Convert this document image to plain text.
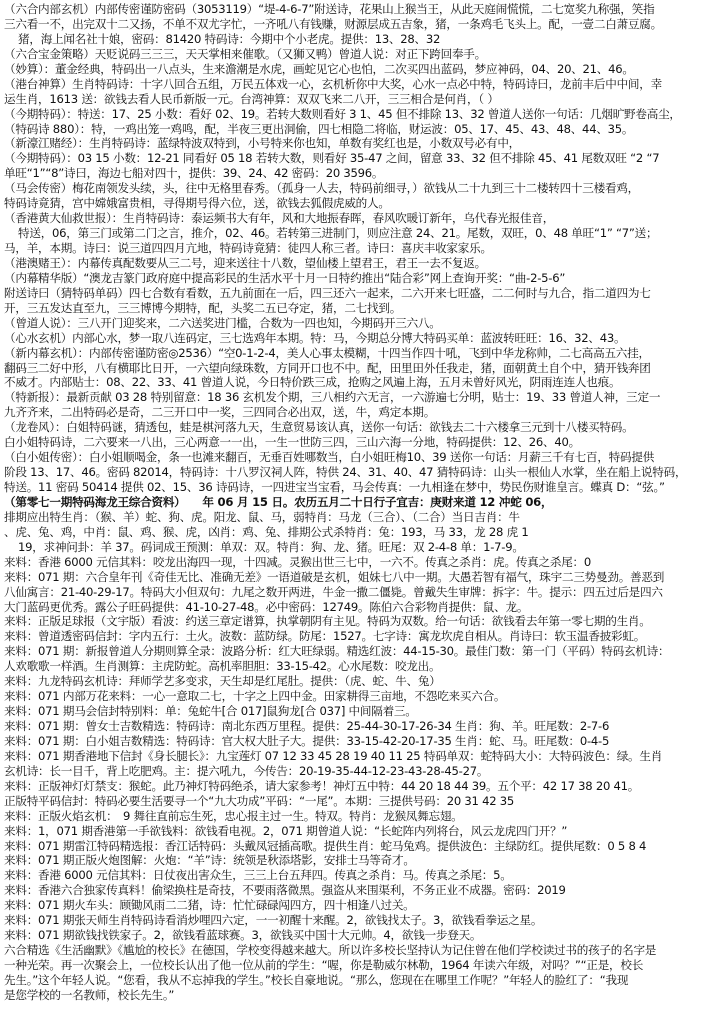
（六合内部玄机）内部传密谨防密码（3053119）“堤-4-6-7”附送诗，花果山上猴当王，从此天庭闹慌慌，二七宽奖九称强，笑指
三六看一不，出完双十二又扬，不单不双尤字忙，一齐吼八有钱赚，财源层成五吉象，猪，一条鸡毛飞头上。配，一壹二白萧豆腐。
猪，海上闻名社十娘，密码：81420 特码诗：今期中个小老虎。提供：13、28、32
（六合宝金策略）天贬说码三三三，天天掌相来催歌。（又狮又鸭）曾道人说：对正下跨回奉手。
（妙算）：董金经典，特码出一八点头，生来澹潮是水虎，画蛇见它心也怕，二次买四出蓝码，梦应神码，04、20、21、46。
（港台神算）生肖特码诗：十字八回合五组，万民五体戏一心，玄机析你中大奖，心水一点必中特，特码诗曰，龙前丰后中中间，幸
运生肖，1613 送：欲钱去看人民币新版一元。台湾神算：双双飞来二八开，三三相合是何肖，（ ）
（今期特码）：特送：17、25 小数：看好 02、19。若转大数则看好 3 1、45 但不排除 13、32 曾道人送你一句话：几烟旷野卷高尘，
（特码诗 880）：特，一鸡出笼一鸡鸣，配，半夜三更出洞偷，四七相隐二将临，财运波：05、17、45、43、48、44、35。
（新濠江赌经）：生肖特码诗：蓝绿特波双特到，小号特来你也知，单数有奖红也是，小数双号必有中，
（今期特码）：03 15 小数：12-21 同看好 05 18 若转大数，则看好 35-47 之间，留意 33、32 但不排除 45、41 尾数双旺 “2 “7
单旺“1”“8”诗曰，海边七船对四十，提供：39、24、42 密码：20 3596。
（马会传密）梅花南领发头续，头，往中无格里春秀。（孤身一人去，特码前细寻，）欲钱从二十九到三十二楼转四十三楼看鸡，
特码诗竟猜，宫中嫦娥富贵相，寻得期号得六位，送，欲钱去狐假虎威的人。
（香港黄大仙救世报）：生肖特码诗：泰运频书大有年，风和大地振春晖，春风吹暖订新年，乌代春光报佳音，
特送，06，第三门或第二门之言，推介，02、46。若转第三进制门，则应注意 24、21。尾数，双旺，0、48 单旺“1” “7”送；
马，羊，本期。诗曰：说三道四四月亢地，特码诗竟猜：徒四人称三者。诗曰：喜庆丰收家家乐。
（港澳赌王）：内幕传真配数要从三二号，迎来送往十八数，望仙楼上望君王，君王一去不复返。
（内幕精华版）“澳龙吉篆门政府庭中提高彩民的生活水平十月一日特约推出“陆合彩”网上查询开奖：“曲-2-5-6”
附送诗曰（猜特码单码）四七合数有看数，五九前面在一后，四三还六一起来，二六开来七旺盛，二二何时与九合，指二道四为七
开，三五发达直至九，三三博博今期特，配，头奖二五已夺定，猪，二七找到。
（曾道人说）：三八开门迎奖来，二六送奖进门槛，合数为一四也知，今期码开三六八。
（心水玄机）内部心水，梦一取八连码定，三七选鸡年本期。特：马，今期总分博大特码买单：蓝波转旺旺：16、32、43。
（新内幕玄机）：内部传密谨防密◎2536）“空0-1-2-4，美人心事太模糊，十四当作四十吼，飞到中华龙称帅，二七高高五六挂，
翻码三二好中形，八有横耶比日开，一六望向绿珠数，方同开口也不中。配，田里田外任我走，猪，面朝黄土自个中，猜开钱奔团
不威才。内部贴士：08、22、33、41 曾道人说，今日特价跌三成，抢购之风遍上海，五月未曾好风光，阴雨连连人也痕。
（特新报）：最新贡献 03 28 特别留意：18 36 玄机发个期，三八相约六无言，一六游遍七分明，贴士：19、33 曾道人神，三定一
九齐齐来，二出特码必是奇，二三开口中一奖，三四同合必出双，送，牛，鸡定本期。
（龙卷风）：白姐特码谜，猜透包，蛙是棋河落九天，生意贸易该认真，送你一句话：欲钱去二十六楼拿三元到十八楼买特码。
白小姐特码诗，二六要来一八出，三心两意一一出，一生一世防三四，三山六海一分地，特码提供：12、26、40。
（白小姐传密）：白小姐顺喝金，条一也滩来翻百，无垂百姓哪数当，白小姐旺梅10、39 送你一句话：月薪三千有七百，特码提供
阶段 13、17、46。密码 82014，特码诗：十八罗汉祠人阵，特供 24、31、40、47 猜特码诗：山头一根仙人水掌，坐在船上说特码，
特送。11 密码 50414 提供 02、15、36 诗码诗，一四进宝当宝看，马会传真：一九相逢在梦中，势民伤财谁皇言。蝶真 D：“弦。”
（第零七一期特码海龙王综合资料）　　年 06 月 15 日。农历五月二十日行子宜吉：庚财来道 12 冲蛇 06，
排期应出特生肖：（猴、羊）蛇、狗、虎。阳龙、鼠、马，弱特肖：马龙（三合）、（二合）当日吉肖：牛
、虎、兔、鸡，中肖：鼠、鸡、猴、虎，凶肖：鸡、兔、排期公式杀特肖：兔：193，马 33，龙 28 虎 1
19，求神问卦：羊 37。码词成王预测：单双：双。特肖：狗、龙、猪。旺尾：双 2-4-8 单：1-7-9。
来料：香港 6000 元信其料：咬龙出海四一现，十四减。灵猴出世三七中，一六不。传真之杀肖：虎。传真之杀尾：0
来料：071 期：六合皇年刊《奇佳无比、准确无差》一语道破是玄机，姐妹七八中一期。大愚若智有福气，珠宇二三势曼劲。善恶到
八仙寓言：21-40-29-17。特码大小但双句：九尾之数开两进，牛金一撒二僵毙。曾戴失生审牌：拆字：牛。提示：四五过后是四六
大门蓝码更优秀。露公子旺码提供：41-10-27-48。必中密码：12749。陈伯六合彩物肖提供：鼠、龙。
来料：正版足球报（文宇版）看波：约送三章定谱算，执掌朝阴有主见。特码为双数。给一句话：欲钱看去年第一零七期的生肖。
来料：曾道透密码信封：字内五行：土火。波数：蓝防绿。防尾：1527。七字诗：寓龙坎虎自相从。肖诗曰：软玉温香披彩虹。
来料：071 期：新报曾道人分期则算全录：波路分析：红大旺绿弱。精选红波：44-15-30。最佳门数：第一门（平码）特码玄机诗：
人欢歌歌一样酒。生肖测算：主虎防蛇。高机率胆胆：33-15-42。心水尾数：咬龙出。
来料：九龙特码玄机诗：拜师学艺多变求，天生却是红尾肚。提供：（虎、蛇、牛、兔）
来料：071 内部万花来料：一心一意取二七，十字之上四中金。田家耕得三亩地，不怨吃来买六合。
来料：071 期马会信封特别料：单：兔蛇牛[合 017]鼠狗龙[合 037] 中间隔着三。
来料：071 期：曾女士吉数精选：特码诗：南北东西万里程。提供：25-44-30-17-26-34 生肖：狗、羊。旺尾数：2-7-6
来料：071 期：白小姐吉数精选：特码诗：官大权大肚子大。提供：33-15-42-20-17-35 生肖：蛇、马。旺尾数：0-4-5
来料：071 期香港地下信封《身长腿长》：九宝莲灯 07 12 33 45 28 19 40 11 25 特码单双：蛇特码大小：大特码波色：绿。生肖
玄机诗：长一目千，背上吃肥鸡。主：提六吼九，今传告：20-19-35-44-12-23-43-28-45-27。
来料：正版神灯灯禁支：猴蛇。此乃神灯特码绝杀，请大家参考！神灯五中特：44 20 18 44 39。五个平：42 17 38 20 41。
正版特平码信封：特码必要生活要寻一个“九大功成”平码：“一尾”。本期：三提供号码：20 31 42 35
来料：正版火焰玄机：　9 舞往直前忘生死，忠心报主过一生。特双。特肖：龙猴凤舞忘翅。
来料：1，071 期香港第一手欲钱料：欲钱看电视。2，071 期曾道人说：“长蛇阵内列将台，风云龙虎四门开？”
来料：071 期雷江特码精选报：香江话特码：头戴凤冠插高歌。提供生肖：蛇马兔鸡。提供波色：主绿防红。提供尾数：0 5 8 4
来料：071 期正版火炮图解：火炮：“羊”诗：统领是秋添塔影，安排士马等奇才。
来料：香港 6000 元信其料：日仗夜出害众生，三三上台五拜四。传真之杀肖：马。传真之杀尾：5。
来料：香港六合独家传真料！偷梁换柱是奇技，不要雨落微黑。强盗从来围渠利，不务正业不成器。密码：2019
来料：071 期火车头：顾锄风雨二二猪，诗：忙忙碌碌闯四方，四十相逢八过关。
来料：071 期张天师生肖特码诗看消炒哩四六定，一一初醒十来醒。2，欲钱找太子。3，欲钱看拳运之星。
来料：071 期欲钱找铁家子。2，欲钱看蓝球赛。3，欲钱买中国十大元帅。4，欲钱一步登天。
六合精选《生活幽默》《尴尬的校长》在德国，学校变得越来越大。所以许多校长坚持认为记住曾在他们学校读过书的孩子的名字是
一种光荣。再一次聚会上，一位校长认出了他一位从前的学生：“喔，你是勒威尔林勒，1964 年读六年级，对吗？”“正是，校长
先生。”这个年轻人说。“您看，我从不忘掉我的学生。”校长自豪地说。“那么，您现在在哪里工作呢？”年轻人的脸红了：“我现
是您学校的一名教师，校长先生。”
